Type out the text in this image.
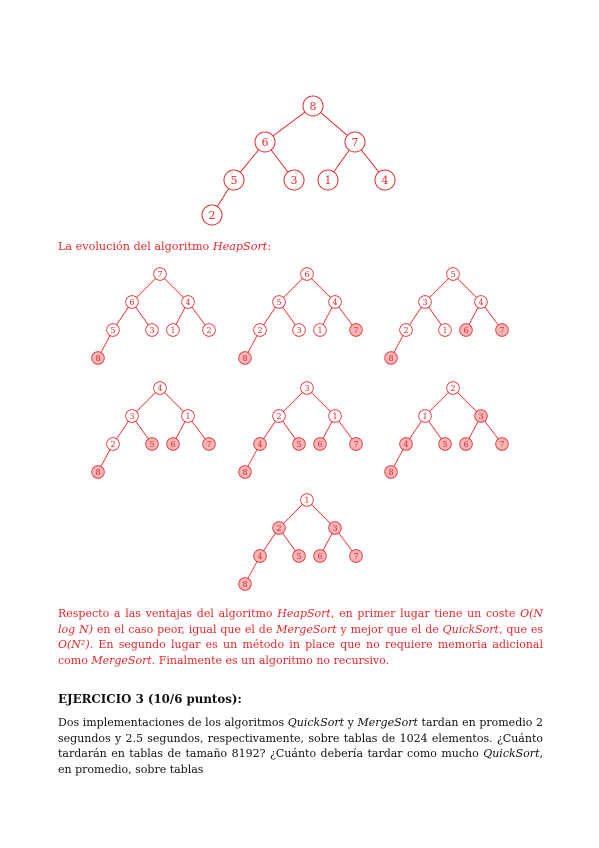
8
6	7
5	3 1	4
2
7
6	4
5	3 1	2
8
6
5	4
2	3 1	7
8
5
3	4
2	1 6	7
8
4
3	1
2	5 6	7
8
3
2	1
4	5 6	7
8
2
1	3
4	5 6	7
8
1
2	3
4	5 6	7
8
La evolución del algoritmo HeapSort:
Respecto a las ventajas del algoritmo HeapSort, en primer lugar tiene un coste O(N log N) en el caso peor, igual que el de MergeSort y mejor que el de QuickSort, que es O(N²). En segundo lugar es un método in place que no requiere memoria adicional como MergeSort. Finalmente es un algoritmo no recursivo.
EJERCICIO 3 (10/6 puntos):
Dos implementaciones de los algoritmos QuickSort y MergeSort tardan en promedio 2 segundos y 2.5 segundos, respectivamente, sobre tablas de 1024 elementos. ¿Cuánto tardarán en tablas de tamaño 8192? ¿Cuánto debería tardar como mucho QuickSort, en promedio, sobre tablas
